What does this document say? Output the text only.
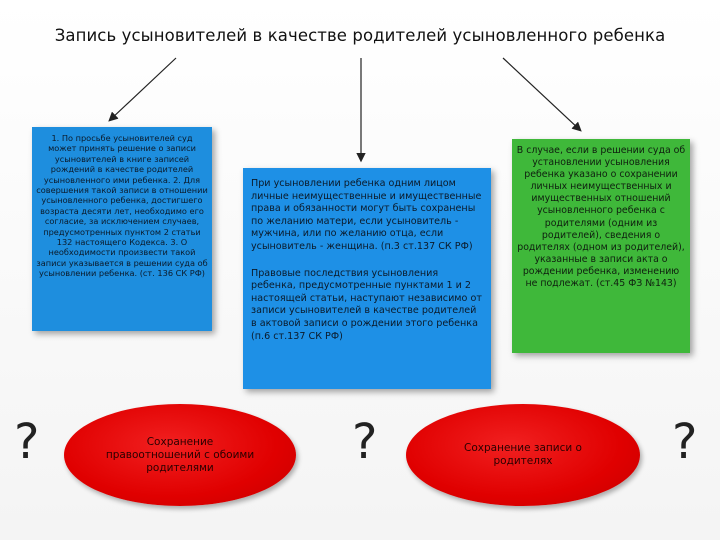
Запись усыновителей в качестве родителей усыновленного ребенка
1. По просьбе усыновителей суд может принять решение о записи усыновителей в книге записей рождений в качестве родителей усыновленного ими ребенка. 2. Для совершения такой записи в отношении усыновленного ребенка, достигшего возраста десяти лет, необходимо его согласие, за исключением случаев, предусмотренных пунктом 2 статьи 132 настоящего Кодекса. 3. О необходимости произвести такой записи указывается в решении суда об усыновлении ребенка. (ст. 136 СК РФ)

При усыновлении ребенка одним лицом личные неимущественные и имущественные права и обязанности могут быть сохранены по желанию матери, если усыновитель - мужчина, или по желанию отца, если усыновитель - женщина. (п.3 ст.137 СК РФ)

Правовые последствия усыновления ребенка, предусмотренные пунктами 1 и 2 настоящей статьи, наступают независимо от записи усыновителей в качестве родителей в актовой записи о рождении этого ребенка (п.6 ст.137 СК РФ)

В случае, если в решении суда об установлении усыновления ребенка указано о сохранении личных неимущественных и имущественных отношений усыновленного ребенка с родителями (одним из родителей), сведения о родителях (одном из родителей), указанные в записи акта о рождении ребенка, изменению не подлежат. (ст.45 ФЗ №143)
?	Сохранение правоотношений с обоими родителями	?	Сохранение записи о родителях	?
